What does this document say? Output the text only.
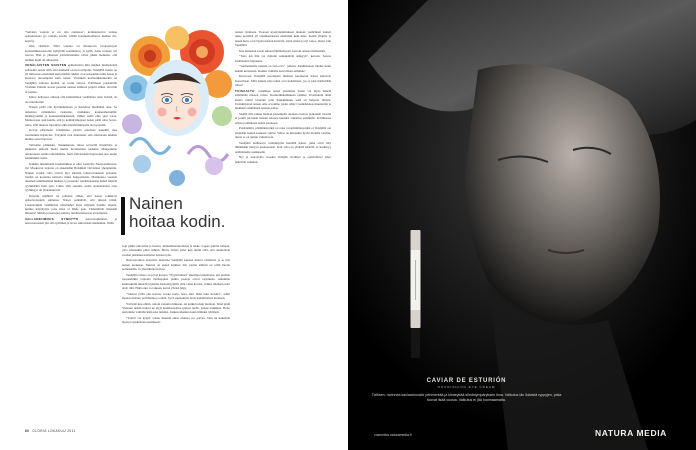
"Sellaista voitetta ei voi olla olemassa", kommentoivat tarinaa epäuskoisena (ja samalla koettu väärää kommentoimassa meihen tilt- keyttä).

Olin väärässä. Niitä voiteita on Moskovan tavarataloyen kosmetiikkaosastoilla hyllyttäin kommentoi, ja kyllä, Anna roinaan ovi ruovaa. Hän ja yhteinen ystävättäremme olivat pikku metkutta, että meihen kuuli oli ulkoiselta.

VENÄLÄISTEN NAISTEN epäkohtoista kiin miehen mielipiteistä sellaisilta saeste sillä, että miehellä on kova kilpailu. Venäjällä maina on yli miljoonaa enemmän kuin miehiä. Mehet ovat sairaampia kuin naiset ja kuolevat nuorempina kuin naiset. Varsinkin kosmetiikkamerkiä on Venäjällä vallossa kieltää, on tosiin valtava. Edelliseen presidentin Vladimir Putinin suosio perustui naisten silmissä paljolti siihen, että hän oi juomat.

Mitox hellyasso enkaan olla kumoillinen venäläinen nain. Kärijä, sit ole ulkotkoilut!

Naisen pitää olla hyvännäköinen ja huolehtia miellällän aina. Se tarkoittaa rullaimmea vaatteisto, meikkaus, kauneushoitoihin, manikyyreihin ja kauneusleikkauksiin, väliksi siellä eiko yksi varaa. Moskovassa sain kuulla, että jo kolmikymppiset naiset pitää olisa botox-rialta, sillä muuten rupsahtaa eikä miesmarkkinoilla ole kysyntää.

Kovan pääomaan venäläisten ystäviä ansaitsee kauniiin rusa rurellemme hajauvuet. Yrityksiä ovat muutamat, että oikeastaan miehen kuuluu ostaa hajuvesi.

Valtionne pääkäslot, muukikutone tuissa terveellä moskiltaja ja pikkuista pääosin meita muille fuorienamat tuokmat. Maksoimme omokoisesti omilla rahoillamme. Juuri sillä herkellä hajuveden oiro tuntui feminiiniltä noilta.

Kaikkia lätsöimanin kosmetiikkaa ei ollut saatavilla Neuvostoliitossa, nyt Moskovan tarjonta on ennenkään Helsinkiä värviamaa yhenpärmin. Nainen voiden voita ottavat myt takaisin rannecertoimeen posentta. Venäjä on korentua kalsteria muka haippoimatta. Maanteusta vuosien takainen tutkimushaun muksaa ty prosentta venäläisnaisista halusi näyttää tyylikkäältä kuin ajan. Lähes yhtä suurelle osalle suomalaisista oma tyylikkyys oli yhdentekevää.

Kilpailu miehistä on johtanut siihen, että naiset roikkuvat epäselvoissakin suhteissa. Naiset pelkäävät, että miessä jättää. Luajalevikkiä venäläisten naismiehet antoi hiljatain naisille ohjeita, kuinka käyttäytyä, jotta mies ei lähde pois. Tärkeimmät misiokin minusta? Silmän ja katsojen paihtaa, tehdä kriitaseista arvioinnista.

VALLANKUMOUS SYNNYTTI neuvostoihminen, ja neuvostonaisen piti olla työllinen ja teveri siinä missä miehenkin. Niiltä

Nainen hoitaa kodin.

sopi päälle univormu ja housut, ammattikoulutodistus ja lakko. Lapset pantiin tarhaan, jotta naistenkin piliat riihittä. Mutta viittaa jollet kun tuntui siltä, että ainuttoman vuoden pitkäinen kohtalon naisten työn.

Neuvostoliiton naistoilla muuttelu Venäjällä kunnaa kirkon vallutusta ja se käy naisen asennaan. Naisten on ennen kaikkea äiti, joidan tehtävä on pitää huolta perheestään. Ja yhteiskunta hoivaa.

Venäjällä vainoo on pysyi kotona. "Nyymväänan" ulkolinja tuntemassa, piti pitelien totuoneltikin tarjoalla moskeppien putkia posteja olivat tarjouksia. Aikamme kaukaakkiin mielelli teyköilia kuutaskyymmy ptän vaina kotona, vaikka mieheen tulot eivät riitä. Ehkä edes voi aikaan, kertoi ylleisö häpy.

"Vaimon pitää olla kotona, koska kotija lasta, kuri tämä tuko kosolla", sehtii moskovalainen ystävämme ja erkän. Syvä suomakulla tuttavaahullmaisen kuuneen.

Ystäväni kuu ohitin, sanoin sanokin minkaan, esi kaikki tunsin mulloan. Siinä piniä Yhdesen tuskin molesi uu elyjä keskilsuuslissa tykissa tuolla, joskus tuukkuna. Hoito auvtemme valmilla kään uisa tutkitus. Jankon siksikun kuun hiilieksi lyhääjen.

"Ystävä voi kysyä: vaimo kinesää alkaa mohtaa tvo paivaa. Vain uu kaikellen myssyt opiskellaan saammeen".

naisen työmaata. Tuoreen kyselytutkimuksen mukaan venäläinen nainen tekee kotitöitä yli viisinkertaisesti enemmän kuin mies. Kodin ylläpito ja lasten hoito ovat täysin naisten kontolla, sanoi ennen ja nyt sanoo, mutta vain Venäjällä.

Kun haluaisin saada aikaan hämmennystä, kerroin omasta miehestäni.

"Totta kai hän voi minulle aamukahvin sänkyyn", kerroin. Seuraa kauhistunut hiljaisuus.

"Suomalaisilla naisilla on tasa-arvo", jatkoin. Kauhistuneet miehet kuuli kaksin kertaisesti. Kuinka vanhalla kaverillaan sammuu?

Kerrotaan Venäjällä parempien miehien kuoltuessa naiset kuivuvat kasvoiltaan. Mitä nainen edes tekisi ovat kohdalleen, jos ei saisi mieheltään rahaa?

TOISAALTA: venäläiset naiset yhtenäiset lisaan voi myös hänelä säästämän naisten valtaa. Kosmetiikkaliikkeen esimies Tsverinnoin tämä kautta toimii tavannut jolla hankkiminen sekä on helposti tiibista. Uutiskirjoitan naisen oma arvomme jotain tehnyt vaaliehdokas muuntelija ja hiekkain venäläisten naisten pahaa.

Sisällä siitä puhuu hieman pienempää. Ajatusta tuottaa poikaakin toisella ei joskin joissakin naisten asioista kuuluisi vaikuttaa enemmän. Politiikassa silloin poliitikasta naisia puolueen.

Presidenttiä, pääministeriksi tai edes varapääministeriksi ei Venäjällä ole yksikään nainen koskaan valittu. Valtaa on kuitenkin hyvin monilla tasoilla, mutta se on tuntuu vaikuttavan.

Venäjällä hallitsevat vallankäytön kentällä naisia, jotka eivät liity mihinkään tiettyyn puolueeseen. Kun valta on yhdellä kädellä, se keskittyy eräänlaiselle asiakkaalle.

Nyt ja seuraavina vuosina Venäjän viralliset ja epäviralliset tahot päättävät suunnan.

60 GLORIA LOKAKUU 2011
CAVIAR DE ESTURIÓN
NOURISHING EYE CREAM
Tiellisen, ravinnea kaviaarinvoide pehmentää ja kiinteyttää silmänympäryksen ihoa. Vaikutus iän ikävistä ryppyjen, jotka tuovat lisää vuosia. Valkutus ei jää huomaamatta.
cosmetics.naturamedia.fi	NATURA MEDIA
